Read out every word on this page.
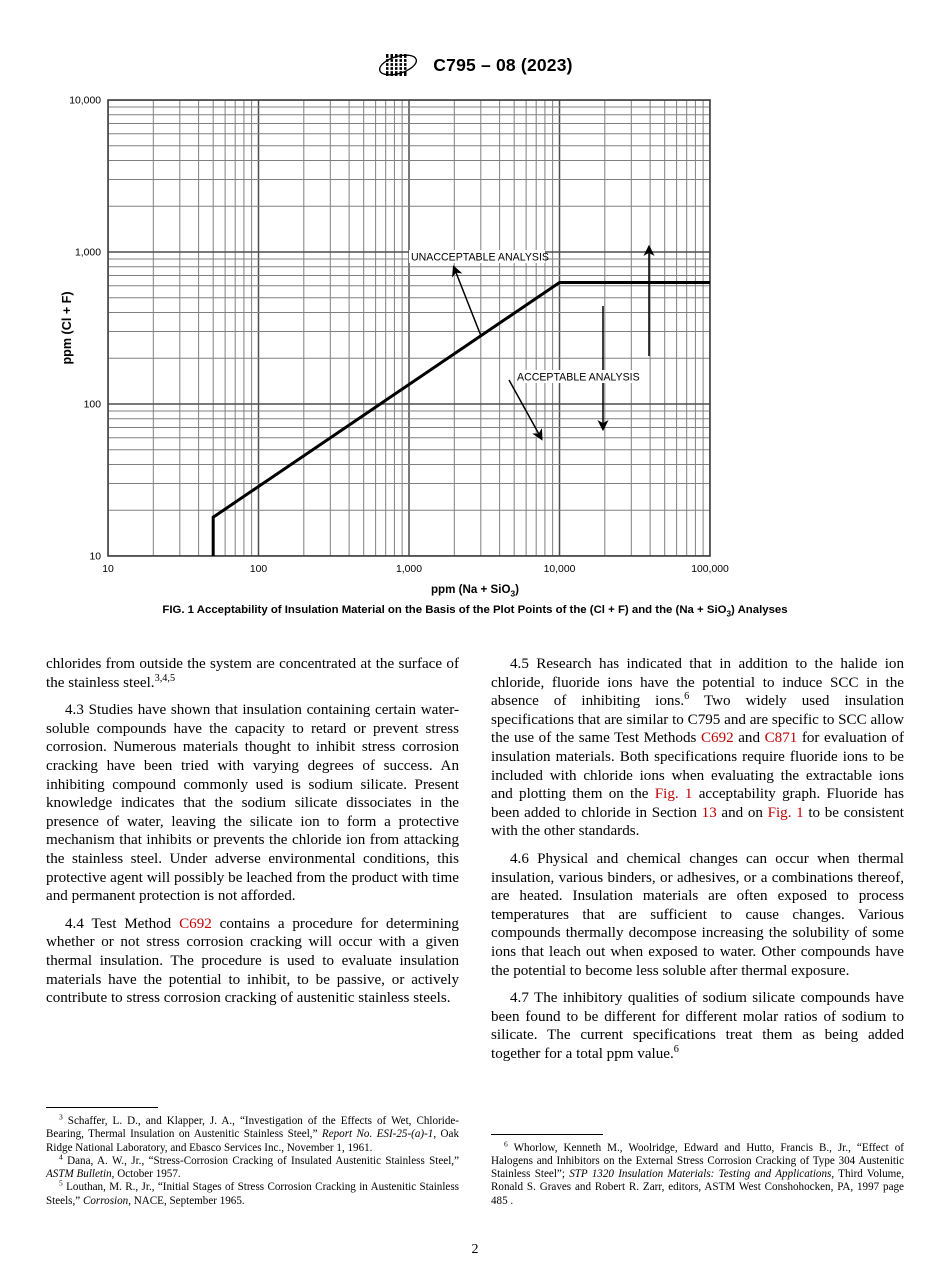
C795 – 08 (2023)
UNACCEPTABLE ANALYSIS
ACCEPTABLE ANALYSIS
10
100
1,000
10,000
10	100	1,000	10,000	100,000
ppm (Cl + F)
ppm (Na + SiO$_3$)
FIG. 1 Acceptability of Insulation Material on the Basis of the Plot Points of the (Cl + F) and the (Na + SiO$_3$) Analyses

chlorides from outside the system are concentrated at the surface of the stainless steel.$^{3,4,5}$

4.3 Studies have shown that insulation containing certain water-soluble compounds have the capacity to retard or prevent stress corrosion. Numerous materials thought to inhibit stress corrosion cracking have been tried with varying degrees of success. An inhibiting compound commonly used is sodium silicate. Present knowledge indicates that the sodium silicate dissociates in the presence of water, leaving the silicate ion to form a protective mechanism that inhibits or prevents the chloride ion from attacking the stainless steel. Under adverse environmental conditions, this protective agent will possibly be leached from the product with time and permanent protection is not afforded.

4.4 Test Method C692 contains a procedure for determining whether or not stress corrosion cracking will occur with a given thermal insulation. The procedure is used to evaluate insulation materials have the potential to inhibit, to be passive, or actively contribute to stress corrosion cracking of austenitic stainless steels.

4.5 Research has indicated that in addition to the halide ion chloride, fluoride ions have the potential to induce SCC in the absence of inhibiting ions.$^6$ Two widely used insulation specifications that are similar to C795 and are specific to SCC allow the use of the same Test Methods C692 and C871 for evaluation of insulation materials. Both specifications require fluoride ions to be included with chloride ions when evaluating the extractable ions and plotting them on the Fig. 1 acceptability graph. Fluoride has been added to chloride in Section 13 and on Fig. 1 to be consistent with the other standards.

4.6 Physical and chemical changes can occur when thermal insulation, various binders, or adhesives, or a combinations thereof, are heated. Insulation materials are often exposed to process temperatures that are sufficient to cause changes. Various compounds thermally decompose increasing the solubility of some ions that leach out when exposed to water. Other compounds have the potential to become less soluble after thermal exposure.

4.7 The inhibitory qualities of sodium silicate compounds have been found to be different for different molar ratios of sodium to silicate. The current specifications treat them as being added together for a total ppm value.$^6$

$^3$ Schaffer, L. D., and Klapper, J. A., “Investigation of the Effects of Wet, Chloride-Bearing, Thermal Insulation on Austenitic Stainless Steel,” Report No. ESI-25-(a)-1, Oak Ridge National Laboratory, and Ebasco Services Inc., November 1, 1961.

$^4$ Dana, A. W., Jr., “Stress-Corrosion Cracking of Insulated Austenitic Stainless Steel,” ASTM Bulletin, October 1957.

$^5$ Louthan, M. R., Jr., “Initial Stages of Stress Corrosion Cracking in Austenitic Stainless Steels,” Corrosion, NACE, September 1965.

$^6$ Whorlow, Kenneth M., Woolridge, Edward and Hutto, Francis B., Jr., “Effect of Halogens and Inhibitors on the External Stress Corrosion Cracking of Type 304 Austenitic Stainless Steel”; STP 1320 Insulation Materials: Testing and Applications, Third Volume, Ronald S. Graves and Robert R. Zarr, editors, ASTM West Conshohocken, PA, 1997 page 485 .

2
